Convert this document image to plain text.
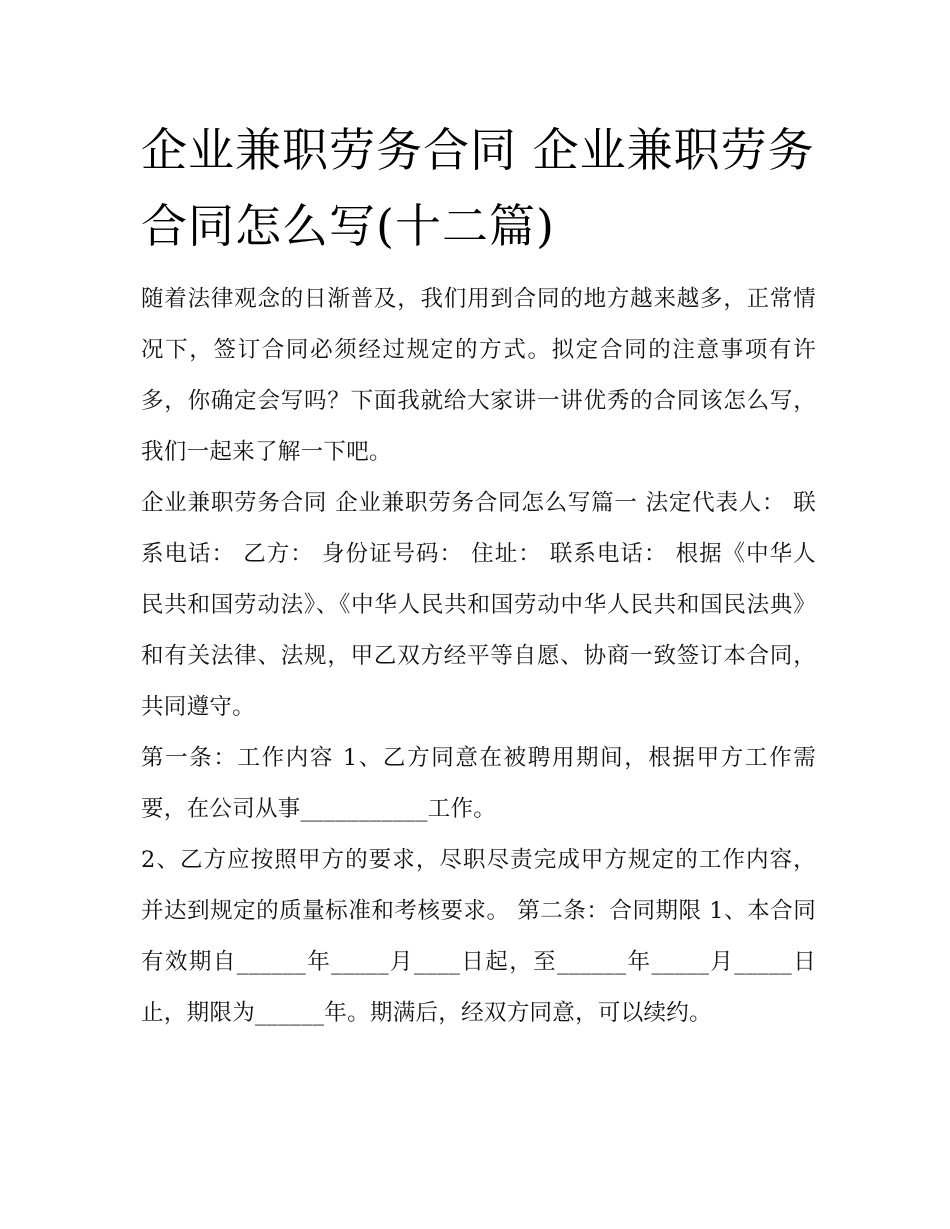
企业兼职劳务合同 企业兼职劳务合同怎么写(十二篇)

随着法律观念的日渐普及，我们用到合同的地方越来越多，正常情况下，签订合同必须经过规定的方式。拟定合同的注意事项有许多，你确定会写吗？下面我就给大家讲一讲优秀的合同该怎么写，我们一起来了解一下吧。

企业兼职劳务合同 企业兼职劳务合同怎么写篇一 法定代表人： 联系电话： 乙方： 身份证号码： 住址： 联系电话： 根据《中华人民共和国劳动法》、《中华人民共和国劳动中华人民共和国民法典》和有关法律、法规，甲乙双方经平等自愿、协商一致签订本合同，共同遵守。

第一条：工作内容 1、乙方同意在被聘用期间，根据甲方工作需要，在公司从事___________工作。

2、乙方应按照甲方的要求，尽职尽责完成甲方规定的工作内容，并达到规定的质量标准和考核要求。 第二条：合同期限 1、本合同有效期自______年_____月____日起，至______年_____月_____日止，期限为______年。期满后，经双方同意，可以续约。
